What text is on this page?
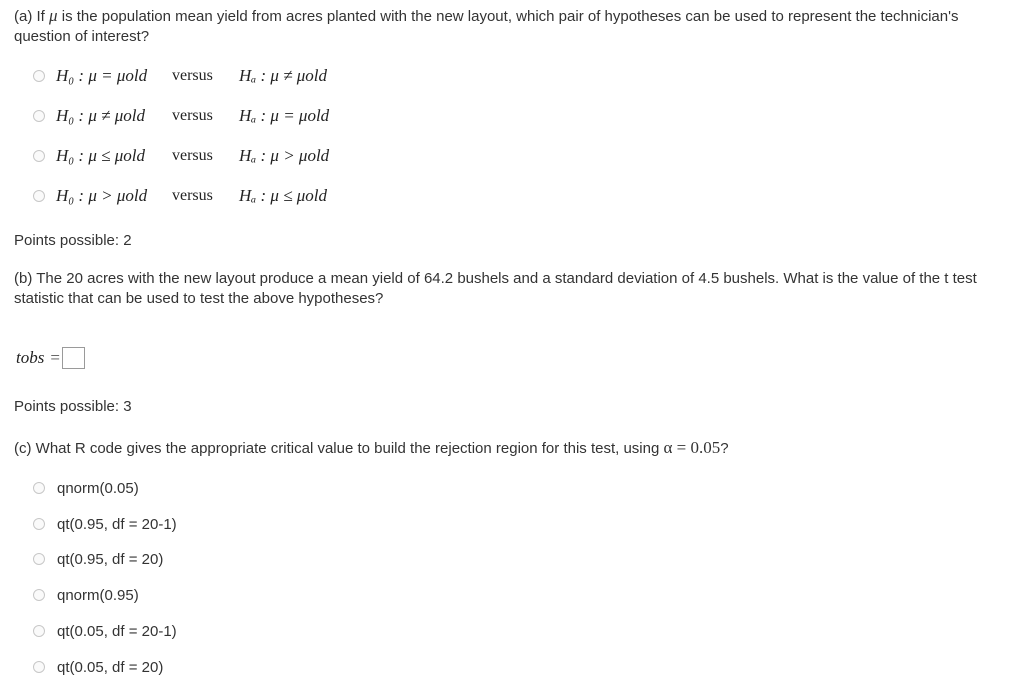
(a) If μ is the population mean yield from acres planted with the new layout, which pair of hypotheses can be used to represent the technician's question of interest?
H₀ : μ = μold	versus	Hₐ : μ ≠ μold
H₀ : μ ≠ μold	versus	Hₐ : μ = μold
H₀ : μ ≤ μold	versus	Hₐ : μ > μold
H₀ : μ > μold	versus	Hₐ : μ ≤ μold
Points possible: 2
(b) The 20 acres with the new layout produce a mean yield of 64.2 bushels and a standard deviation of 4.5 bushels. What is the value of the t test statistic that can be used to test the above hypotheses?
tobs =
Points possible: 3
(c) What R code gives the appropriate critical value to build the rejection region for this test, using α = 0.05?
qnorm(0.05)
qt(0.95, df = 20-1)
qt(0.95, df = 20)
qnorm(0.95)
qt(0.05, df = 20-1)
qt(0.05, df = 20)
